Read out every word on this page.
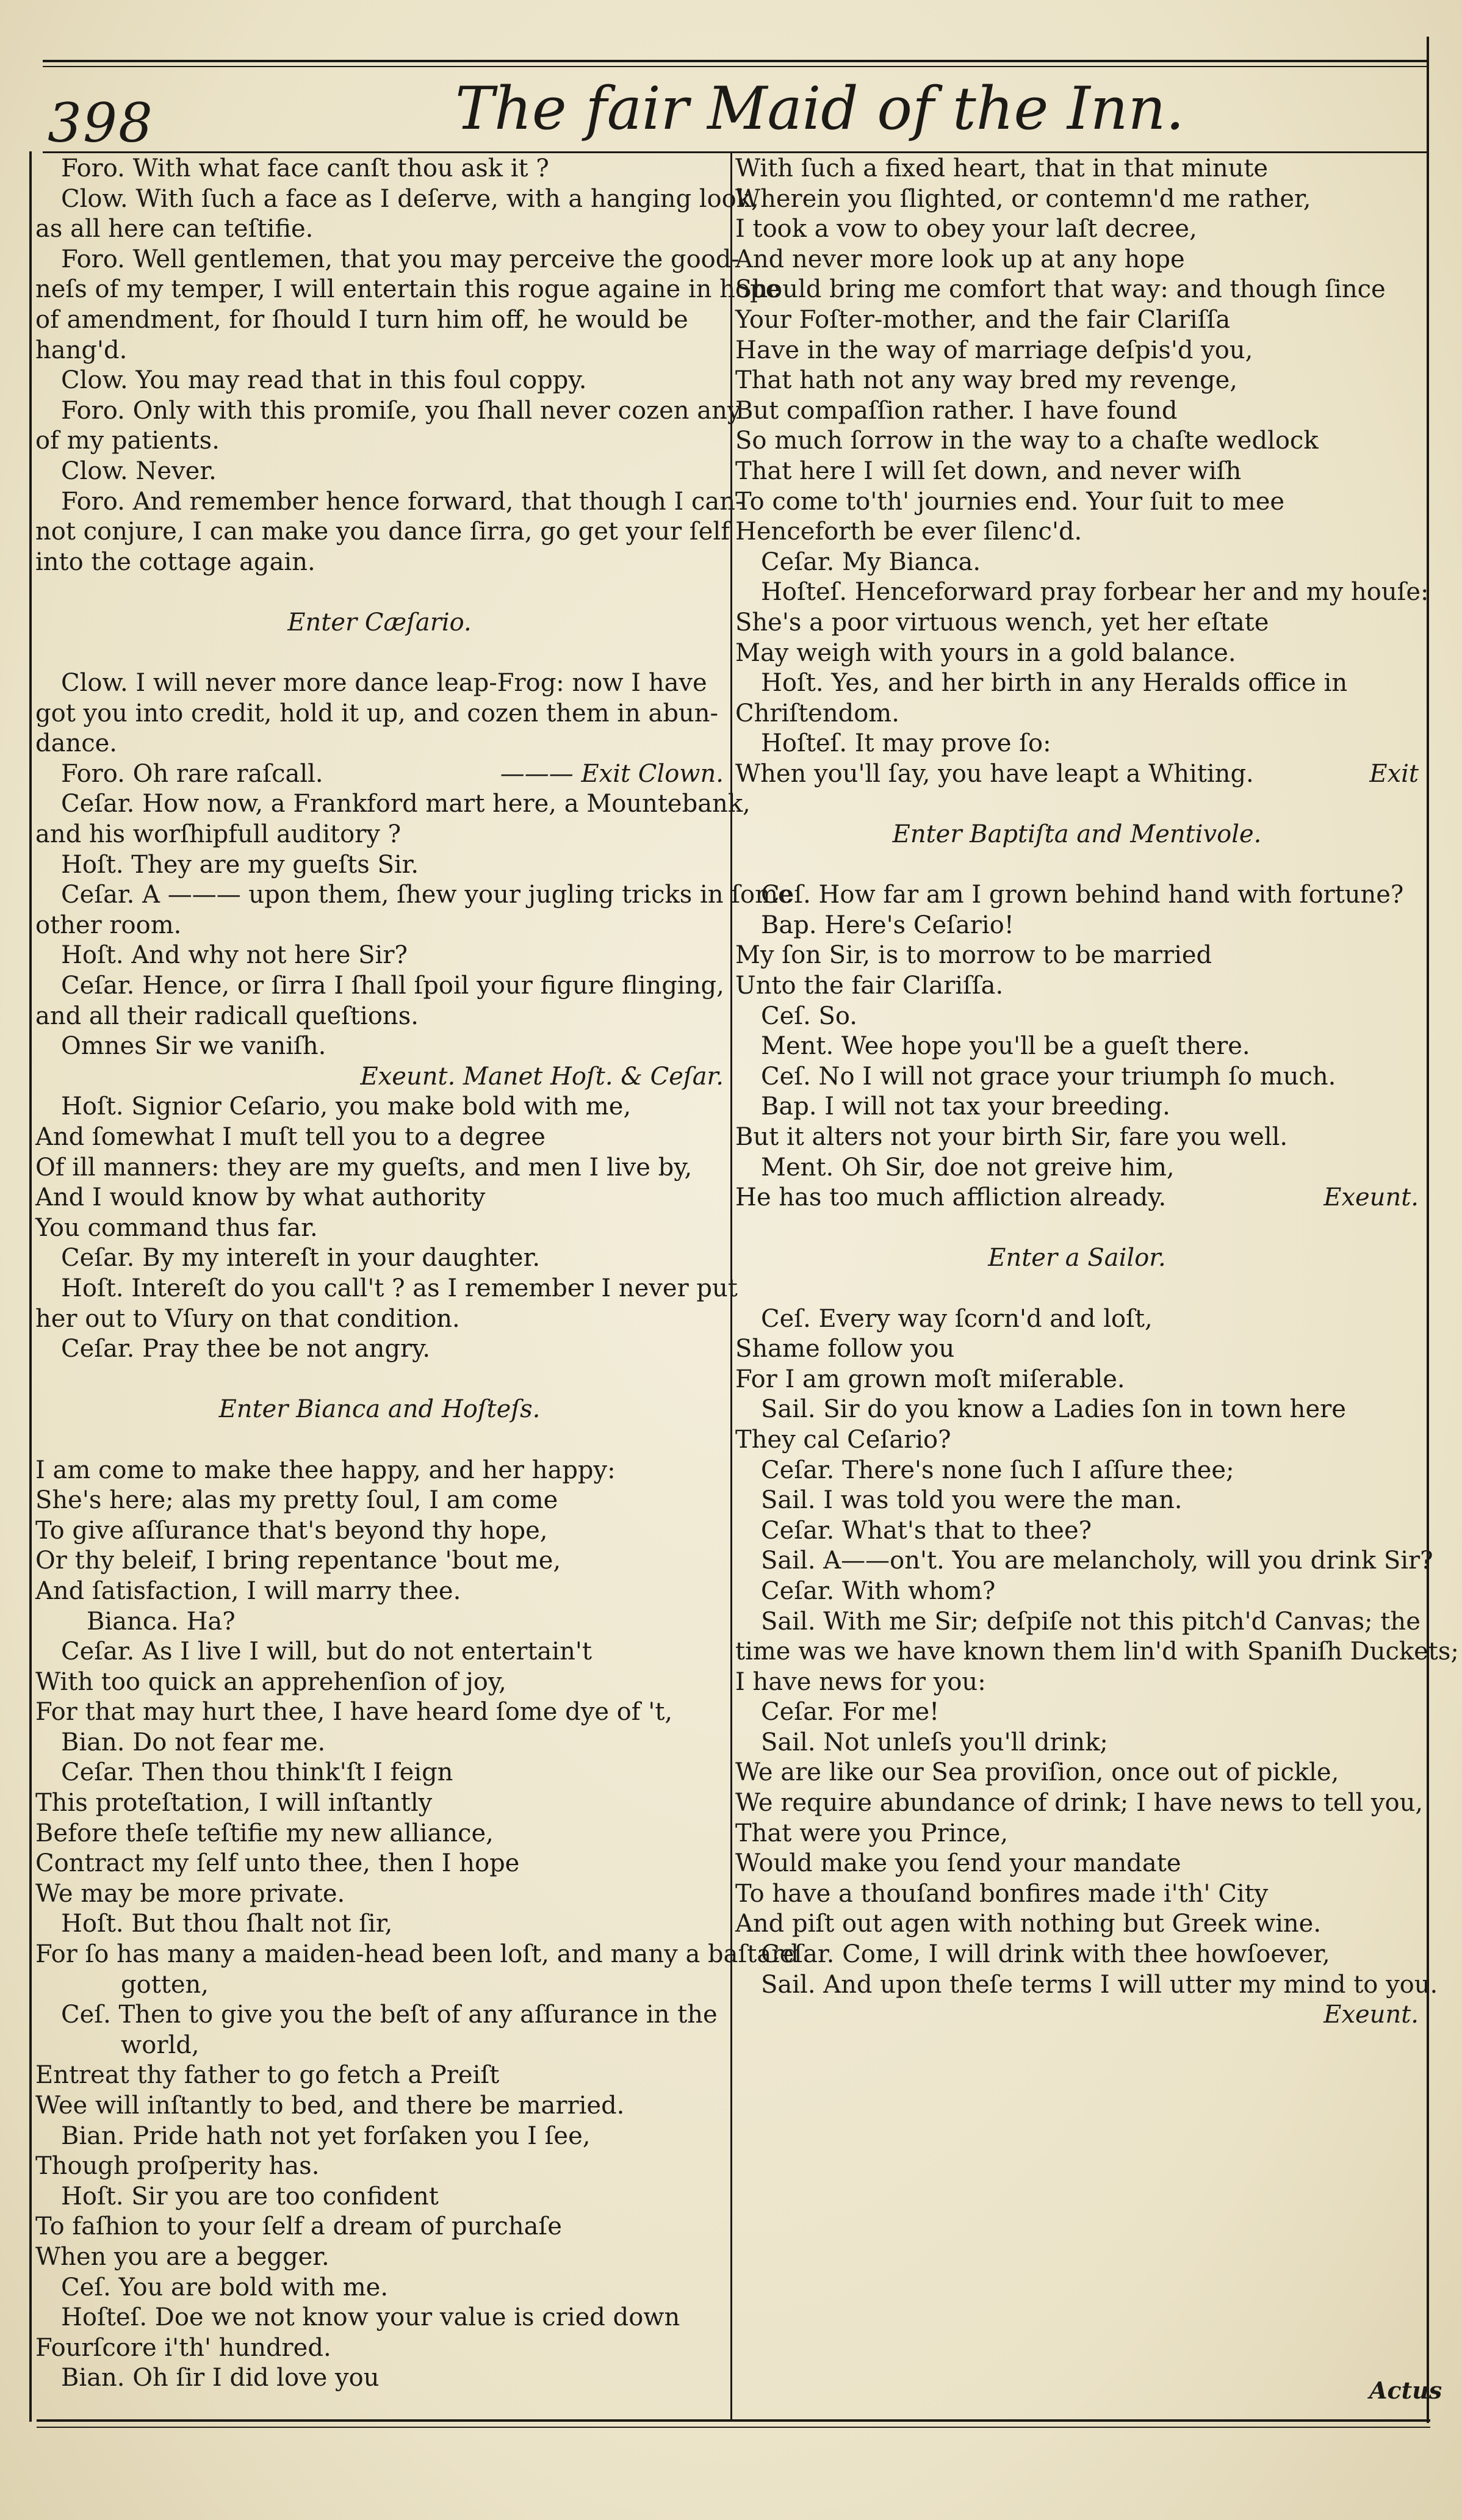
398	The fair Maid of the Inn.
Foro. With what face canſt thou ask it ?
Clow. With ſuch a face as I deſerve, with a hanging look,
as all here can teſtifie.
Foro. Well gentlemen, that you may perceive the good-
neſs of my temper, I will entertain this rogue againe in hope
of amendment, for ſhould I turn him off, he would be
hang'd.
Clow. You may read that in this foul coppy.
Foro. Only with this promiſe, you ſhall never cozen any
of my patients.
Clow. Never.
Foro. And remember hence forward, that though I can-
not conjure, I can make you dance ſirra, go get your ſelf
into the cottage again.
Enter Cæſario.
Clow. I will never more dance leap-Frog: now I have
got you into credit, hold it up, and cozen them in abun-
dance.
Foro. Oh rare raſcall.	——— Exit Clown.
Ceſar. How now, a Frankford mart here, a Mountebank,
and his worſhipfull auditory ?
Hoſt. They are my gueſts Sir.
Ceſar. A ——— upon them, ſhew your jugling tricks in ſome
other room.
Hoſt. And why not here Sir?
Ceſar. Hence, or ſirra I ſhall ſpoil your figure flinging,
and all their radicall queſtions.
Omnes Sir we vaniſh.
Exeunt. Manet Hoſt. & Ceſar.
Hoſt. Signior Ceſario, you make bold with me,
And ſomewhat I muſt tell you to a degree
Of ill manners: they are my gueſts, and men I live by,
And I would know by what authority
You command thus far.
Ceſar. By my intereſt in your daughter.
Hoſt. Intereſt do you call't ? as I remember I never put
her out to Vſury on that condition.
Ceſar. Pray thee be not angry.
Enter Bianca and Hoſteſs.
I am come to make thee happy, and her happy:
She's here; alas my pretty ſoul, I am come
To give aſſurance that's beyond thy hope,
Or thy beleif, I bring repentance 'bout me,
And ſatisfaction, I will marry thee.
Bianca. Ha?
Ceſar. As I live I will, but do not entertain't
With too quick an apprehenſion of joy,
For that may hurt thee, I have heard ſome dye of 't,
Bian. Do not fear me.
Ceſar. Then thou think'ſt I feign
This proteſtation, I will inſtantly
Before theſe teſtifie my new alliance,
Contract my ſelf unto thee, then I hope
We may be more private.
Hoſt. But thou ſhalt not ſir,
For ſo has many a maiden-head been loſt, and many a baſtard
gotten,
Ceſ. Then to give you the beſt of any aſſurance in the
world,
Entreat thy father to go fetch a Preiſt
Wee will inſtantly to bed, and there be married.
Bian. Pride hath not yet forſaken you I ſee,
Though proſperity has.
Hoſt. Sir you are too confident
To faſhion to your ſelf a dream of purchaſe
When you are a begger.
Ceſ. You are bold with me.
Hoſteſ. Doe we not know your value is cried down
Fourſcore i'th' hundred.
Bian. Oh ſir I did love you
With ſuch a fixed heart, that in that minute
Wherein you ſlighted, or contemn'd me rather,
I took a vow to obey your laſt decree,
And never more look up at any hope
Should bring me comfort that way: and though ſince
Your Foſter-mother, and the fair Clariſſa
Have in the way of marriage deſpis'd you,
That hath not any way bred my revenge,
But compaſſion rather. I have found
So much ſorrow in the way to a chaſte wedlock
That here I will ſet down, and never wiſh
To come to'th' journies end. Your ſuit to mee
Henceforth be ever ſilenc'd.
Ceſar. My Bianca.
Hoſteſ. Henceforward pray forbear her and my houſe:
She's a poor virtuous wench, yet her eſtate
May weigh with yours in a gold balance.
Hoſt. Yes, and her birth in any Heralds office in
Chriſtendom.
Hoſteſ. It may prove ſo:
When you'll ſay, you have leapt a Whiting.	Exit
Enter Baptiſta and Mentivole.
Ceſ. How far am I grown behind hand with fortune?
Bap. Here's Ceſario!
My ſon Sir, is to morrow to be married
Unto the fair Clariſſa.
Ceſ. So.
Ment. Wee hope you'll be a gueſt there.
Ceſ. No I will not grace your triumph ſo much.
Bap. I will not tax your breeding.
But it alters not your birth Sir, fare you well.
Ment. Oh Sir, doe not greive him,
He has too much affliction already.	Exeunt.
Enter a Sailor.
Ceſ. Every way ſcorn'd and loſt,
Shame follow you
For I am grown moſt miſerable.
Sail. Sir do you know a Ladies ſon in town here
They cal Ceſario?
Ceſar. There's none ſuch I aſſure thee;
Sail. I was told you were the man.
Ceſar. What's that to thee?
Sail. A——on't. You are melancholy, will you drink Sir?
Ceſar. With whom?
Sail. With me Sir; deſpiſe not this pitch'd Canvas; the
time was we have known them lin'd with Spaniſh Duckets;
I have news for you:
Ceſar. For me!
Sail. Not unleſs you'll drink;
We are like our Sea proviſion, once out of pickle,
We require abundance of drink; I have news to tell you,
That were you Prince,
Would make you ſend your mandate
To have a thouſand bonfires made i'th' City
And piſt out agen with nothing but Greek wine.
Ceſar. Come, I will drink with thee howſoever,
Sail. And upon theſe terms I will utter my mind to you.
Exeunt.
Actus
